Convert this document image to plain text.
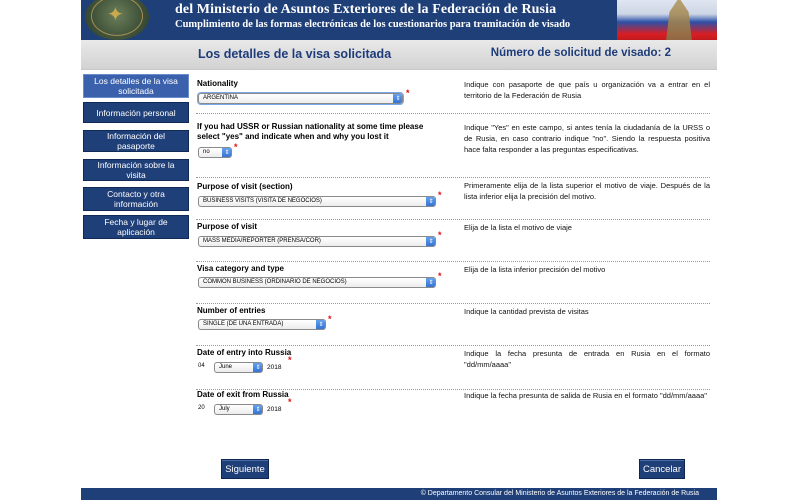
✦	del Ministerio de Asuntos Exteriores de la Federación de Rusia
Cumplimiento de las formas electrónicas de los cuestionarios para tramitación de visado
Los detalles de la visa solicitada	Número de solicitud de visado: 2
Los detalles de la visa solicitada
Información personal
Información del pasaporte
Información sobre la visita
Contacto y otra información
Fecha y lugar de aplicación
Nationality
ARGENTINA	⇕
*
Indique con pasaporte de que país u organización va a entrar en el territorio de la Federación de Rusia
If you had USSR or Russian nationality at some time please select "yes" and indicate when and why you lost it
no	⇕
*
Indique "Yes" en este campo, si antes tenía la ciudadanía de la URSS o de Rusia, en caso contrario indique "no". Siendo la respuesta positiva hace falta responder a las preguntas especificativas.
Purpose of visit (section)
BUSINESS VISITS (VISITA DE NEGOCIOS)	⇕
*
Primeramente elija de la lista superior el motivo de viaje. Después de la lista inferior elija la precisión del motivo.
Purpose of visit
MASS MEDIA/REPORTER (PRENSA/COR)	⇕
*
Elija de la lista el motivo de viaje
Visa category and type
COMMON BUSINESS (ORDINARIO DE NEGOCIOS)	⇕
*
Elija de la lista inferior precisión del motivo
Number of entries
SINGLE (DE UNA ENTRADA)	⇕
*
Indique la cantidad prevista de visitas
Date of entry into Russia
04	June	⇕ 2018
*
Indique la fecha presunta de entrada en Rusia en el formato "dd/mm/aaaa"
Date of exit from Russia
20	July	⇕ 2018
*
Indique la fecha presunta de salida de Rusia en el formato "dd/mm/aaaa"
Siguiente	Cancelar
© Departamento Consular del Ministerio de Asuntos Exteriores de la Federación de Rusia
